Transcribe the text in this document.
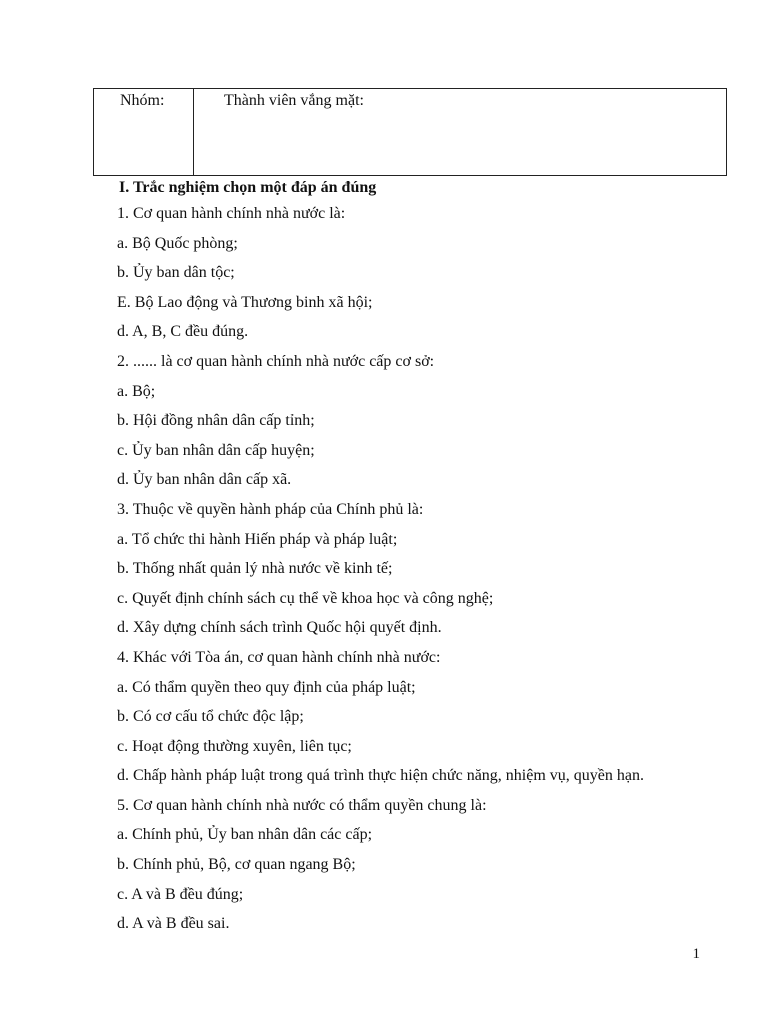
Nhóm:	Thành viên vắng mặt:
I. Trắc nghiệm chọn một đáp án đúng
1. Cơ quan hành chính nhà nước là:
a. Bộ Quốc phòng;
b. Ủy ban dân tộc;
E. Bộ Lao động và Thương binh xã hội;
d. A, B, C đều đúng.
2. ...... là cơ quan hành chính nhà nước cấp cơ sở:
a. Bộ;
b. Hội đồng nhân dân cấp tỉnh;
c. Ủy ban nhân dân cấp huyện;
d. Ủy ban nhân dân cấp xã.
3. Thuộc về quyền hành pháp của Chính phủ là:
a. Tổ chức thi hành Hiến pháp và pháp luật;
b. Thống nhất quản lý nhà nước về kinh tế;
c. Quyết định chính sách cụ thể về khoa học và công nghệ;
d. Xây dựng chính sách trình Quốc hội quyết định.
4. Khác với Tòa án, cơ quan hành chính nhà nước:
a. Có thẩm quyền theo quy định của pháp luật;
b. Có cơ cấu tổ chức độc lập;
c. Hoạt động thường xuyên, liên tục;
d. Chấp hành pháp luật trong quá trình thực hiện chức năng, nhiệm vụ, quyền hạn.
5. Cơ quan hành chính nhà nước có thẩm quyền chung là:
a. Chính phủ, Ủy ban nhân dân các cấp;
b. Chính phủ, Bộ, cơ quan ngang Bộ;
c. A và B đều đúng;
d. A và B đều sai.
1
